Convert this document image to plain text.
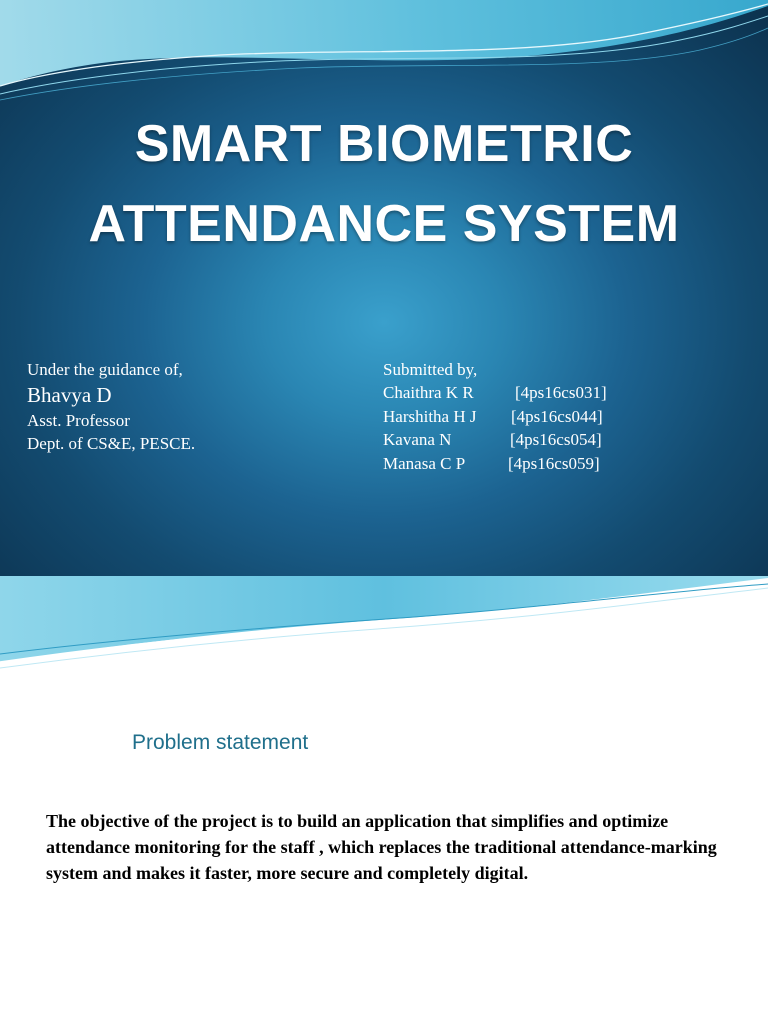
SMART BIOMETRIC
ATTENDANCE SYSTEM
Under the guidance of,
Bhavya D
Asst. Professor
Dept. of CS&E, PESCE.
Submitted by,
Chaithra K R [4ps16cs031]
Harshitha H J [4ps16cs044]
Kavana N	[4ps16cs054]
Manasa C P	[4ps16cs059]
Problem statement

The objective of the project is to build an application that simplifies and optimize attendance monitoring for the staff , which replaces the traditional attendance-marking system and makes it faster, more secure and completely digital.
